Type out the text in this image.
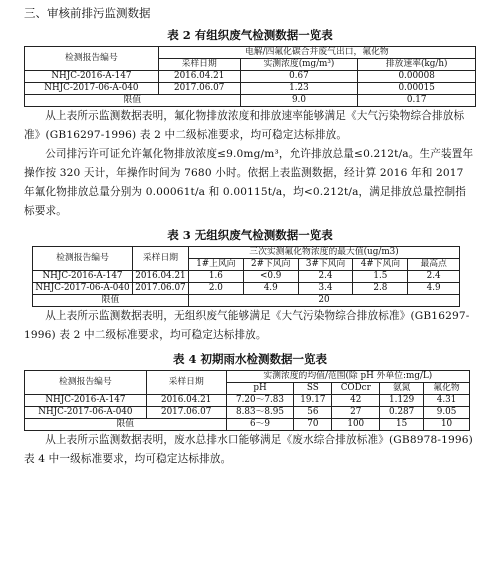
三、审核前排污监测数据
表 2 有组织废气检测数据一览表
检测报告编号	电解/四氟化碳合并废气出口，氟化物		
	采样日期	实测浓度(mg/m³)	排放速率(kg/h)
NHJC-2016-A-147	2016.04.21	0.67	0.00008
NHJC-2017-06-A-040	2017.06.07	1.23	0.00015
限值		9.0	0.17

从上表所示监测数据表明，氟化物排放浓度和排放速率能够满足《大气污染物综合排放标准》(GB16297-1996) 表 2 中二级标准要求，均可稳定达标排放。

公司排污许可证允许氟化物排放浓度≤9.0mg/m³，允许排放总量≤0.212t/a。生产装置年操作按 320 天计，年操作时间为 7680 小时。依据上表监测数据，经计算 2016 年和 2017 年氟化物排放总量分别为 0.00061t/a 和 0.00115t/a，均<0.212t/a，满足排放总量控制指标要求。

表 3 无组织废气检测数据一览表
检测报告编号	采样日期	三次实测氟化物浓度的最大值(ug/m3)				
		1#上风向	2#下风向	3#下风向	4#下风向	最高点
NHJC-2016-A-147	2016.04.21	1.6	<0.9	2.4	1.5	2.4
NHJC-2017-06-A-040	2017.06.07	2.0	4.9	3.4	2.8	4.9
限值		20				

从上表所示监测数据表明，无组织废气能够满足《大气污染物综合排放标准》(GB16297-1996) 表 2 中二级标准要求，均可稳定达标排放。

表 4 初期雨水检测数据一览表
检测报告编号	采样日期	实测浓度的均值/范围(除 pH 外单位:mg/L)				
		pH	SS	CODcr	氨氮	氟化物
NHJC-2016-A-147	2016.04.21	7.20～7.83	19.17	42	1.129	4.31
NHJC-2017-06-A-040	2017.06.07	8.83～8.95	56	27	0.287	9.05
限值		6～9	70	100	15	10

从上表所示监测数据表明，废水总排水口能够满足《废水综合排放标准》(GB8978-1996) 表 4 中一级标准要求，均可稳定达标排放。
